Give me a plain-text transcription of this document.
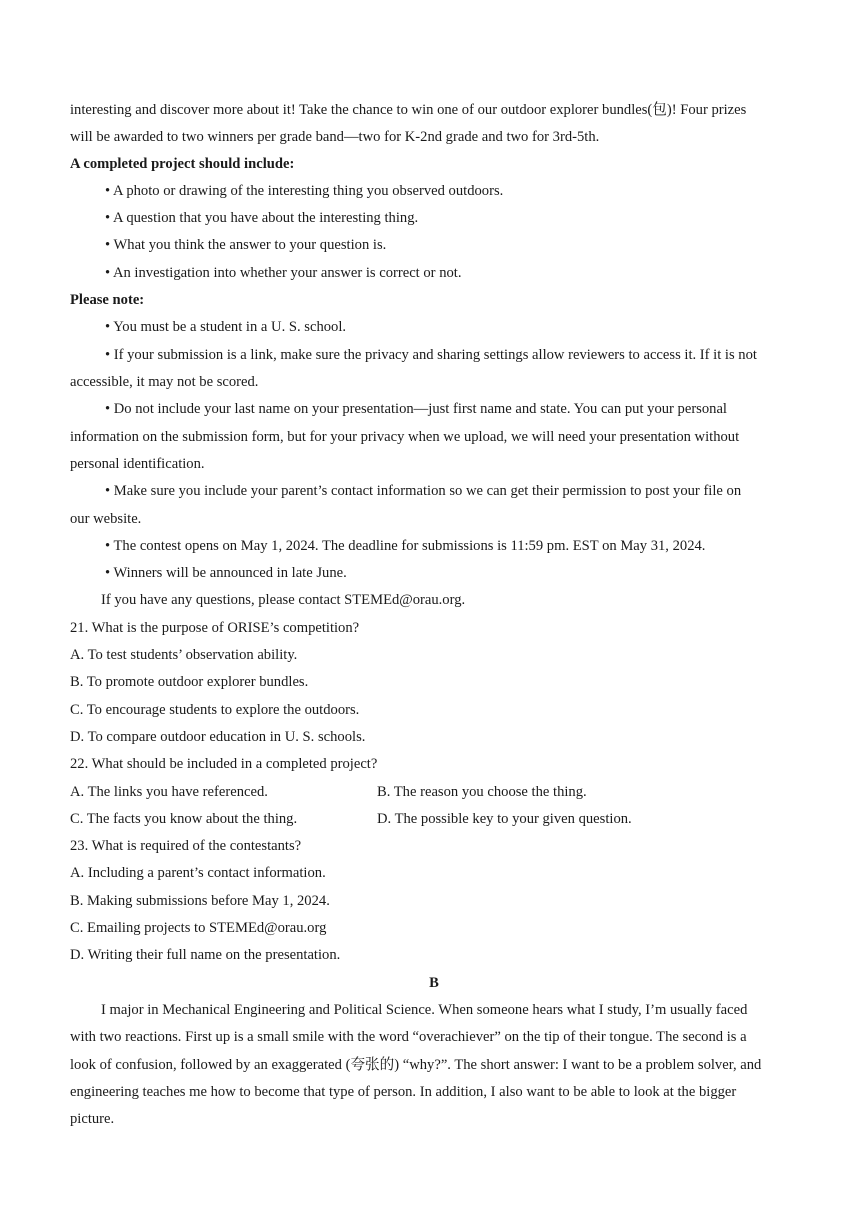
interesting and discover more about it! Take the chance to win one of our outdoor explorer bundles(包)! Four prizes
will be awarded to two winners per grade band—two for K-2nd grade and two for 3rd-5th.
A completed project should include:
• A photo or drawing of the interesting thing you observed outdoors.
• A question that you have about the interesting thing.
• What you think the answer to your question is.
• An investigation into whether your answer is correct or not.
Please note:
• You must be a student in a U. S. school.
• If your submission is a link, make sure the privacy and sharing settings allow reviewers to access it. If it is not
accessible, it may not be scored.
• Do not include your last name on your presentation—just first name and state. You can put your personal
information on the submission form, but for your privacy when we upload, we will need your presentation without
personal identification.
• Make sure you include your parent’s contact information so we can get their permission to post your file on
our website.
• The contest opens on May 1, 2024. The deadline for submissions is 11:59 pm. EST on May 31, 2024.
• Winners will be announced in late June.
If you have any questions, please contact STEMEd@orau.org.
21. What is the purpose of ORISE’s competition?
A. To test students’ observation ability.
B. To promote outdoor explorer bundles.
C. To encourage students to explore the outdoors.
D. To compare outdoor education in U. S. schools.
22. What should be included in a completed project?
A. The links you have referenced.	B. The reason you choose the thing.
C. The facts you know about the thing.	D. The possible key to your given question.
23. What is required of the contestants?
A. Including a parent’s contact information.
B. Making submissions before May 1, 2024.
C. Emailing projects to STEMEd@orau.org
D. Writing their full name on the presentation.
B
I major in Mechanical Engineering and Political Science. When someone hears what I study, I’m usually faced
with two reactions. First up is a small smile with the word “overachiever” on the tip of their tongue. The second is a
look of confusion, followed by an exaggerated (夸张的) “why?”. The short answer: I want to be a problem solver, and
engineering teaches me how to become that type of person. In addition, I also want to be able to look at the bigger
picture.
